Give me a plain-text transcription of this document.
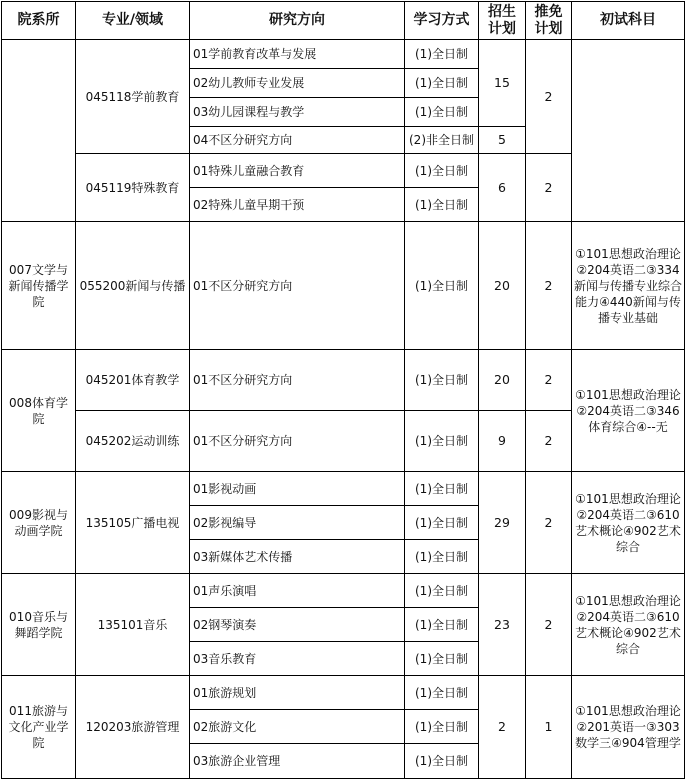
院系所	专业/领域	研究方向	学习方式	招生计划	推免计划	初试科目
	045118学前教育	01学前教育改革与发展	(1)全日制	15	2	
		02幼儿教师专业发展	(1)全日制			
		03幼儿园课程与教学	(1)全日制			
		04不区分研究方向	(2)非全日制	5		
	045119特殊教育	01特殊儿童融合教育	(1)全日制	6	2	
		02特殊儿童早期干预	(1)全日制			
007文学与新闻传播学院	055200新闻与传播	01不区分研究方向	(1)全日制	20	2	①101思想政治理论②204英语二③334新闻与传播专业综合能力④440新闻与传播专业基础
008体育学院	045201体育教学	01不区分研究方向	(1)全日制	20	2	①101思想政治理论②204英语二③346体育综合④--无
	045202运动训练	01不区分研究方向	(1)全日制	9	2	
009影视与动画学院	135105广播电视	01影视动画	(1)全日制	29	2	①101思想政治理论②204英语二③610艺术概论④902艺术综合
		02影视编导	(1)全日制			
		03新媒体艺术传播	(1)全日制			
010音乐与舞蹈学院	135101音乐	01声乐演唱	(1)全日制	23	2	①101思想政治理论②204英语二③610艺术概论④902艺术综合
		02钢琴演奏	(1)全日制			
		03音乐教育	(1)全日制			
011旅游与文化产业学院	120203旅游管理	01旅游规划	(1)全日制	2	1	①101思想政治理论②201英语一③303数学三④904管理学
		02旅游文化	(1)全日制			
		03旅游企业管理	(1)全日制			
